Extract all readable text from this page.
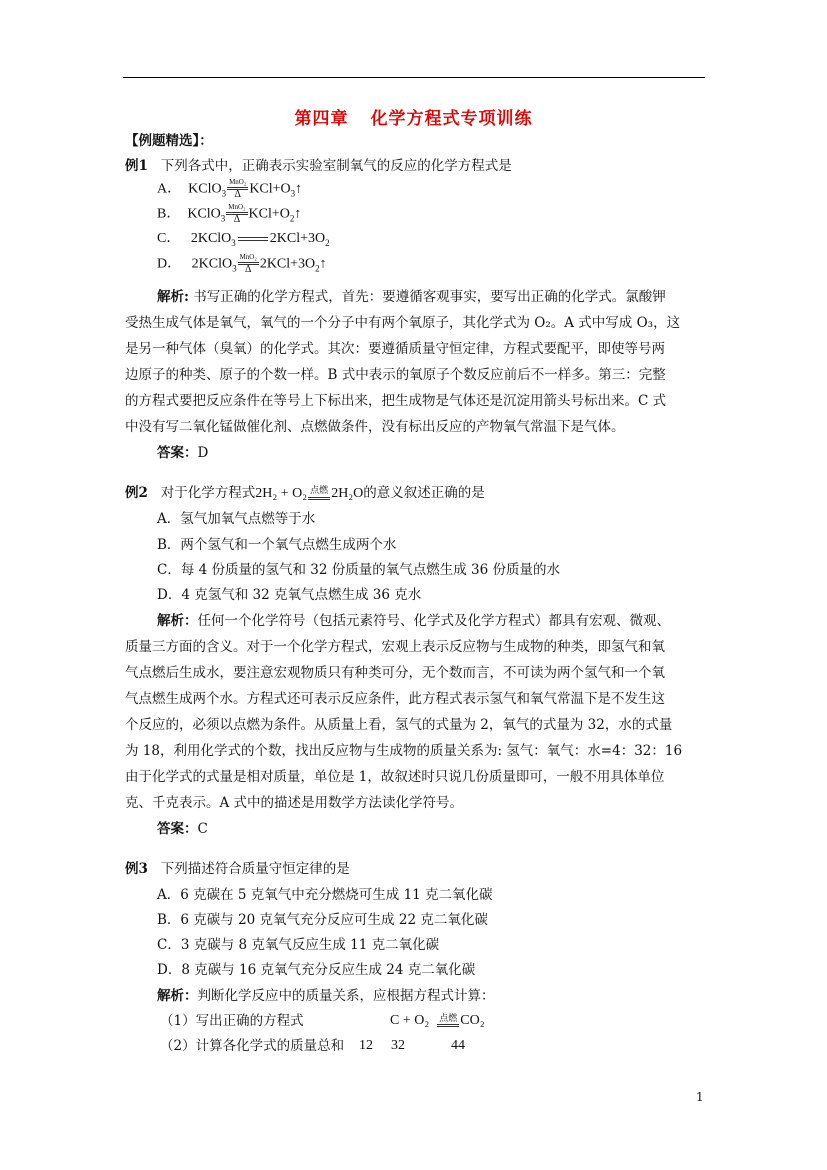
第四章 化学方程式专项训练
【例题精选】：
例1 下列各式中，正确表示实验室制氧气的反应的化学方程式是
A． KClO$_3$ $\frac{\text{MnO₂}}{\Delta}$ $KCl+O_3↑$
B． KClO$_3$ $\frac{\text{MnO₂}}{\Delta}$ $KCl+O_2↑$
C． 2KClO$_3$ $2KCl+3O_2$
D． 2KClO$_3$ $\frac{\text{MnO₂}}{\Delta}$ $2KCl+3O_2↑$
解析: 书写正确的化学方程式，首先：要遵循客观事实，要写出正确的化学式。氯酸钾
受热生成气体是氧气，氧气的一个分子中有两个氧原子，其化学式为 O₂。A 式中写成 O₃，这
是另一种气体（臭氧）的化学式。其次：要遵循质量守恒定律，方程式要配平，即使等号两
边原子的种类、原子的个数一样。B 式中表示的氧原子个数反应前后不一样多。第三：完整
的方程式要把反应条件在等号上下标出来，把生成物是气体还是沉淀用箭头号标出来。C 式
中没有写二氧化锰做催化剂、点燃做条件，没有标出反应的产物氧气常温下是气体。
答案：D
例2 对于化学方程式2H₂ + O₂ 点燃 2H₂O的意义叙述正确的是
A．氢气加氧气点燃等于水
B．两个氢气和一个氧气点燃生成两个水
C．每 4 份质量的氢气和 32 份质量的氧气点燃生成 36 份质量的水
D．4 克氢气和 32 克氧气点燃生成 36 克水
解析：任何一个化学符号（包括元素符号、化学式及化学方程式）都具有宏观、微观、
质量三方面的含义。对于一个化学方程式，宏观上表示反应物与生成物的种类，即氢气和氧
气点燃后生成水，要注意宏观物质只有种类可分，无个数而言，不可读为两个氢气和一个氧
气点燃生成两个水。方程式还可表示反应条件，此方程式表示氢气和氧气常温下是不发生这
个反应的，必须以点燃为条件。从质量上看，氢气的式量为 2，氧气的式量为 32，水的式量
为 18，利用化学式的个数，找出反应物与生成物的质量关系为: 氢气：氧气：水=4：32：16
由于化学式的式量是相对质量，单位是 1，故叙述时只说几份质量即可，一般不用具体单位
克、千克表示。A 式中的描述是用数学方法读化学符号。
答案：C
例3 下列描述符合质量守恒定律的是
A．6 克碳在 5 克氧气中充分燃烧可生成 11 克二氧化碳
B．6 克碳与 20 克氧气充分反应可生成 22 克二氧化碳
C．3 克碳与 8 克氧气反应生成 11 克二氧化碳
D．8 克碳与 16 克氧气充分反应生成 24 克二氧化碳
解析：判断化学反应中的质量关系，应根据方程式计算：
（1）写出正确的方程式	C + O₂ 点燃 CO₂
（2）计算各化学式的质量总和 12 32	44
1
